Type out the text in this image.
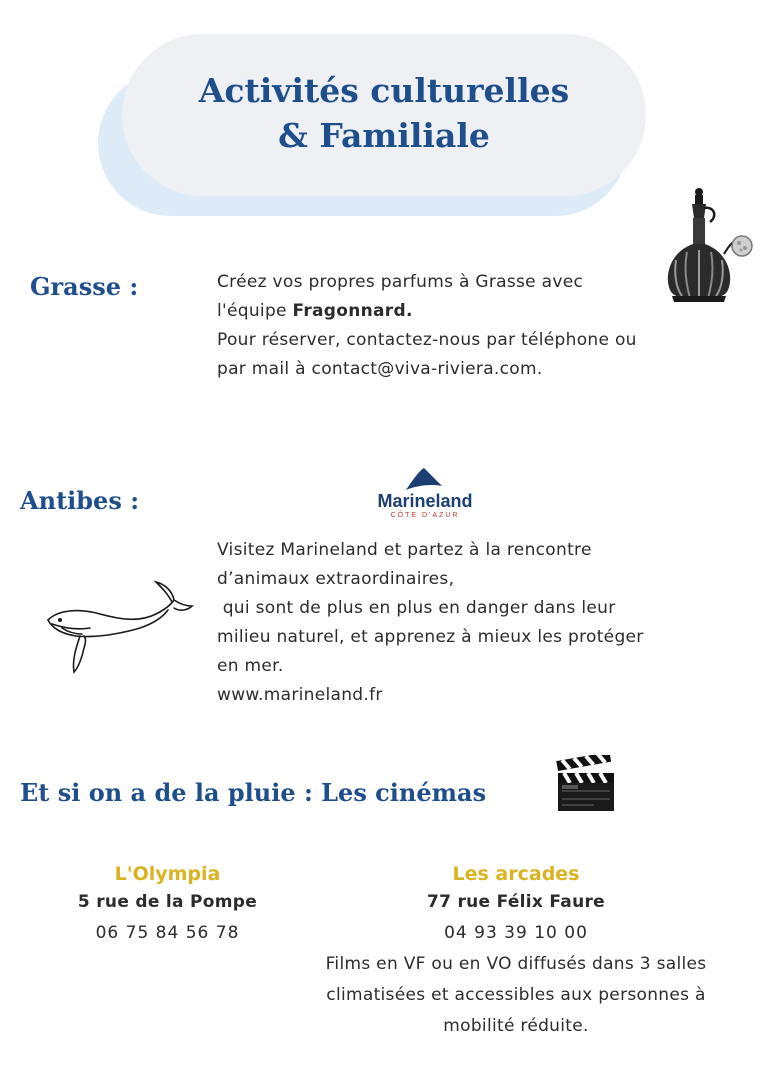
Activités culturelles
& Familiale
Grasse :	Créez vos propres parfums à Grasse avec

l'équipe Fragonnard.

Pour réserver, contactez-nous par téléphone ou

par mail à contact@viva-riviera.com.

Antibes :	Marineland
CÔTE D'AZUR

Visitez Marineland et partez à la rencontre

d’animaux extraordinaires,

qui sont de plus en plus en danger dans leur

milieu naturel, et apprenez à mieux les protéger

en mer.

www.marineland.fr

Et si on a de la pluie : Les cinémas

L'Olympia

5 rue de la Pompe

06 75 84 56 78

Les arcades

77 rue Félix Faure

04 93 39 10 00

Films en VF ou en VO diffusés dans 3 salles

climatisées et accessibles aux personnes à

mobilité réduite.
